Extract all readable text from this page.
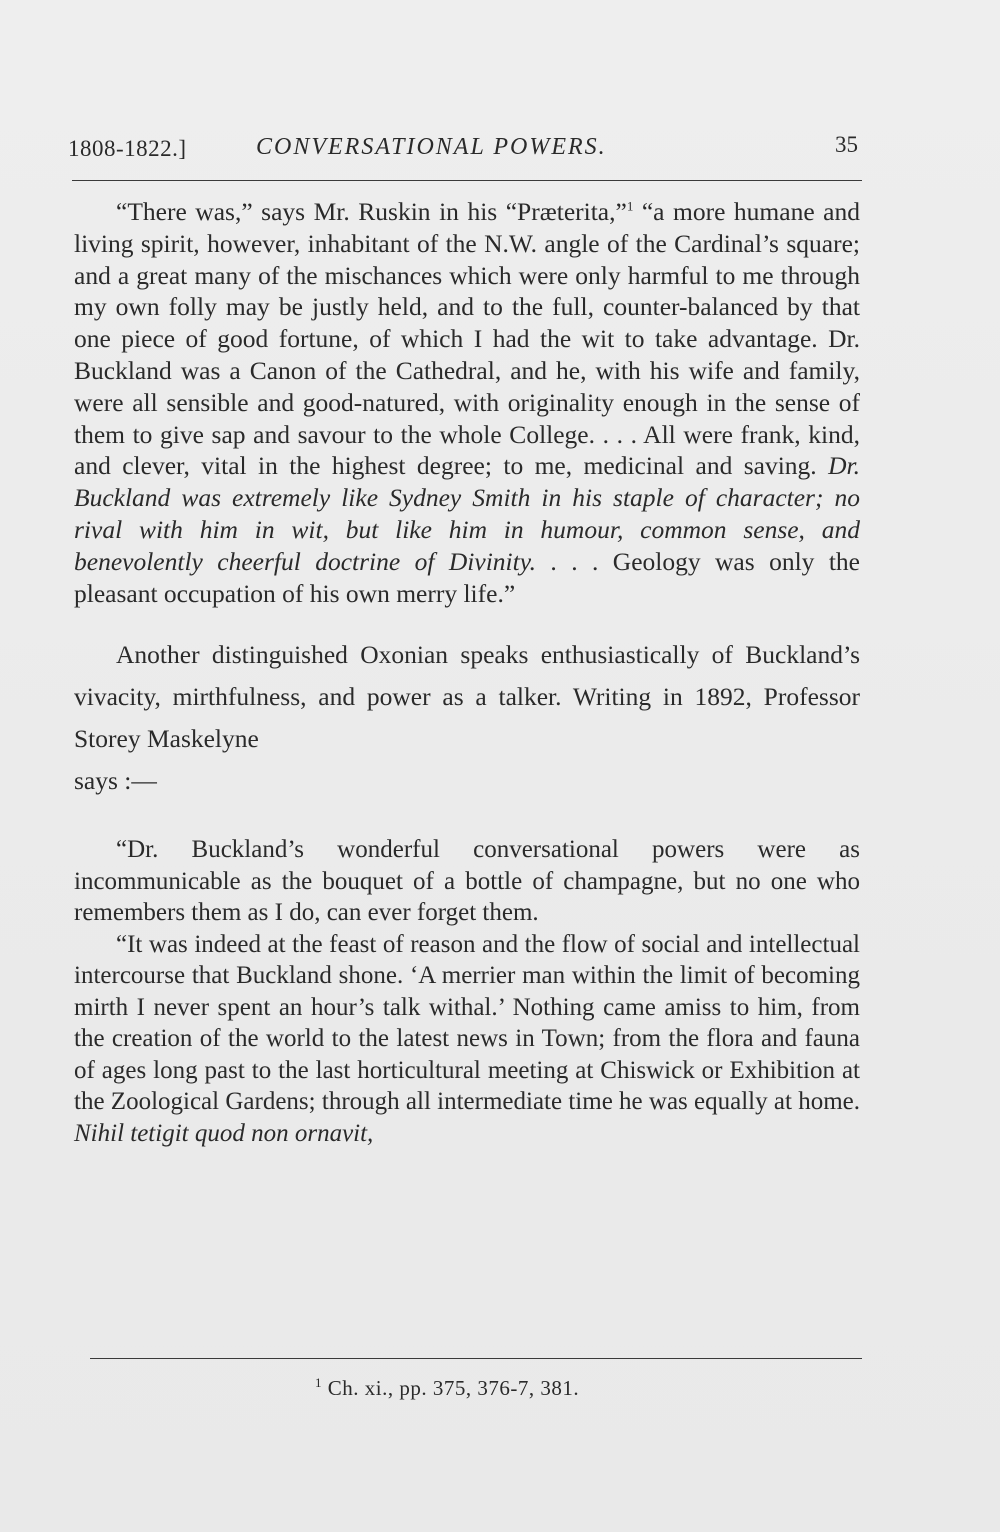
1808-1822.]	CONVERSATIONAL POWERS.	35

“There was,” says Mr. Ruskin in his “Præterita,”$^1$ “a more humane and living spirit, however, inhabitant of the N.W. angle of the Cardinal’s square; and a great many of the mischances which were only harmful to me through my own folly may be justly held, and to the full, counter-balanced by that one piece of good fortune, of which I had the wit to take advantage. Dr. Buckland was a Canon of the Cathedral, and he, with his wife and family, were all sensible and good-natured, with originality enough in the sense of them to give sap and savour to the whole College. . . . All were frank, kind, and clever, vital in the highest degree; to me, medicinal and saving. Dr. Buckland was extremely like Sydney Smith in his staple of character; no rival with him in wit, but like him in humour, common sense, and benevolently cheerful doctrine of Divinity. . . . Geology was only the pleasant occupation of his own merry life.”

Another distinguished Oxonian speaks enthusiastically of Buckland’s vivacity, mirthfulness, and power as a talker. Writing in 1892, Professor Storey Maskelyne

says :—

“Dr. Buckland’s wonderful conversational powers were as incommunicable as the bouquet of a bottle of champagne, but no one who remembers them as I do, can ever forget them.

“It was indeed at the feast of reason and the flow of social and intellectual intercourse that Buckland shone. ‘A merrier man within the limit of becoming mirth I never spent an hour’s talk withal.’ Nothing came amiss to him, from the creation of the world to the latest news in Town; from the flora and fauna of ages long past to the last horticultural meeting at Chiswick or Exhibition at the Zoological Gardens; through all intermediate time he was equally at home. Nihil tetigit quod non ornavit,

$^1$ Ch. xi., pp. 375, 376-7, 381.
